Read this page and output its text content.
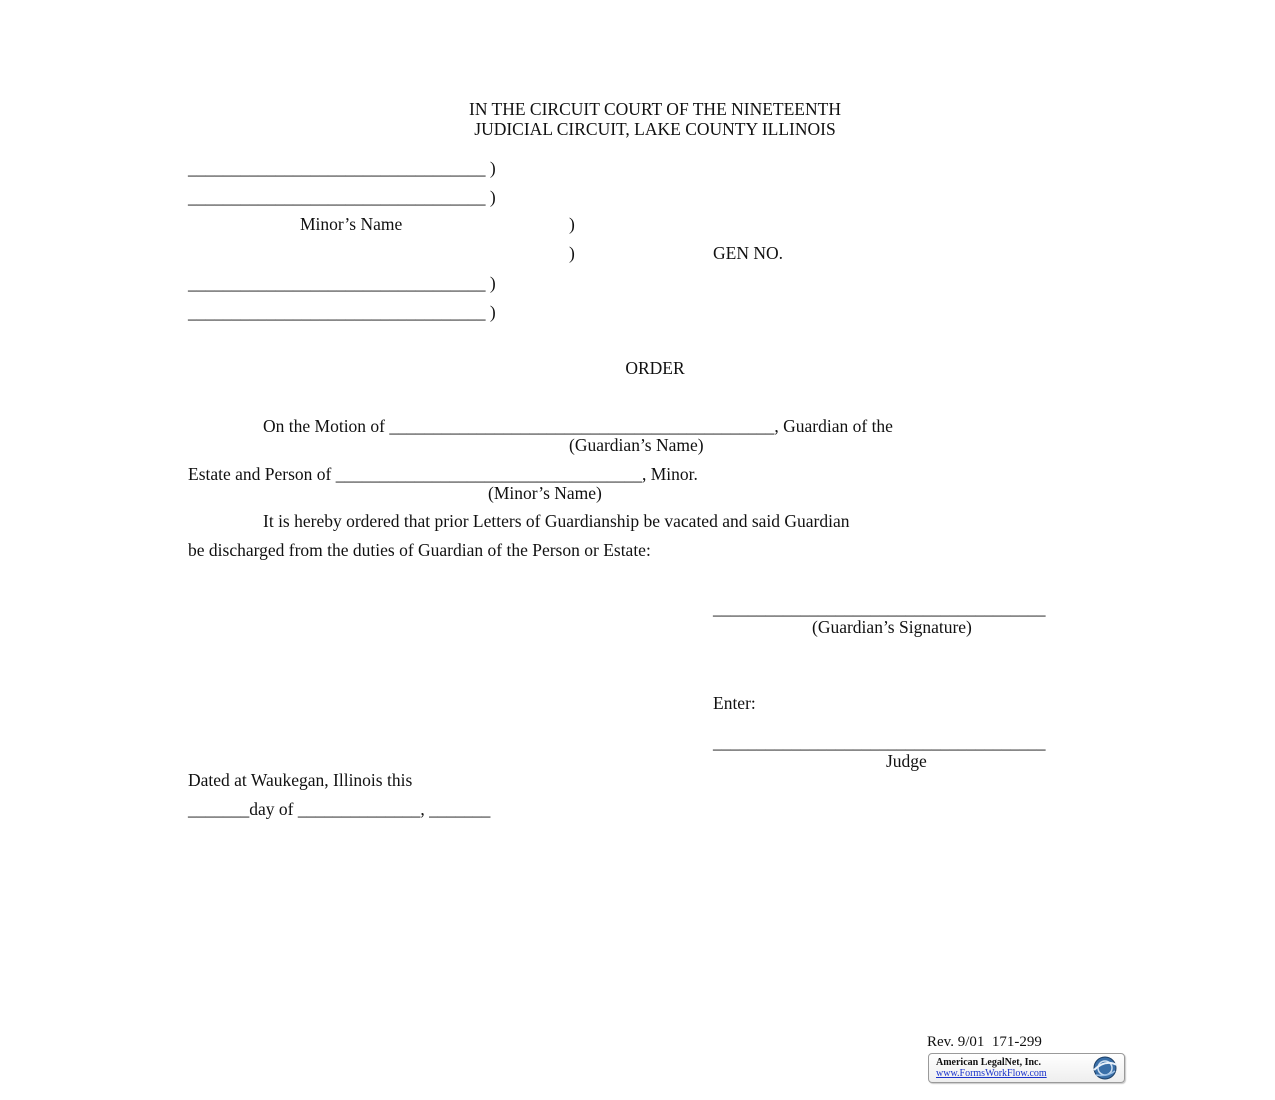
IN THE CIRCUIT COURT OF THE NINETEENTH
JUDICIAL CIRCUIT, LAKE COUNTY ILLINOIS
__________________________________ )
__________________________________ )
Minor’s Name	)
)	GEN NO.
__________________________________ )
__________________________________ )
ORDER
On the Motion of ____________________________________________, Guardian of the
(Guardian’s Name)
Estate and Person of ___________________________________, Minor.
(Minor’s Name)
It is hereby ordered that prior Letters of Guardianship be vacated and said Guardian
be discharged from the duties of Guardian of the Person or Estate:
______________________________________
(Guardian’s Signature)
Enter:
______________________________________
Judge
Dated at Waukegan, Illinois this
_______day of ______________, _______
Rev. 9/01  171-299
American LegalNet, Inc.
www.FormsWorkFlow.com
